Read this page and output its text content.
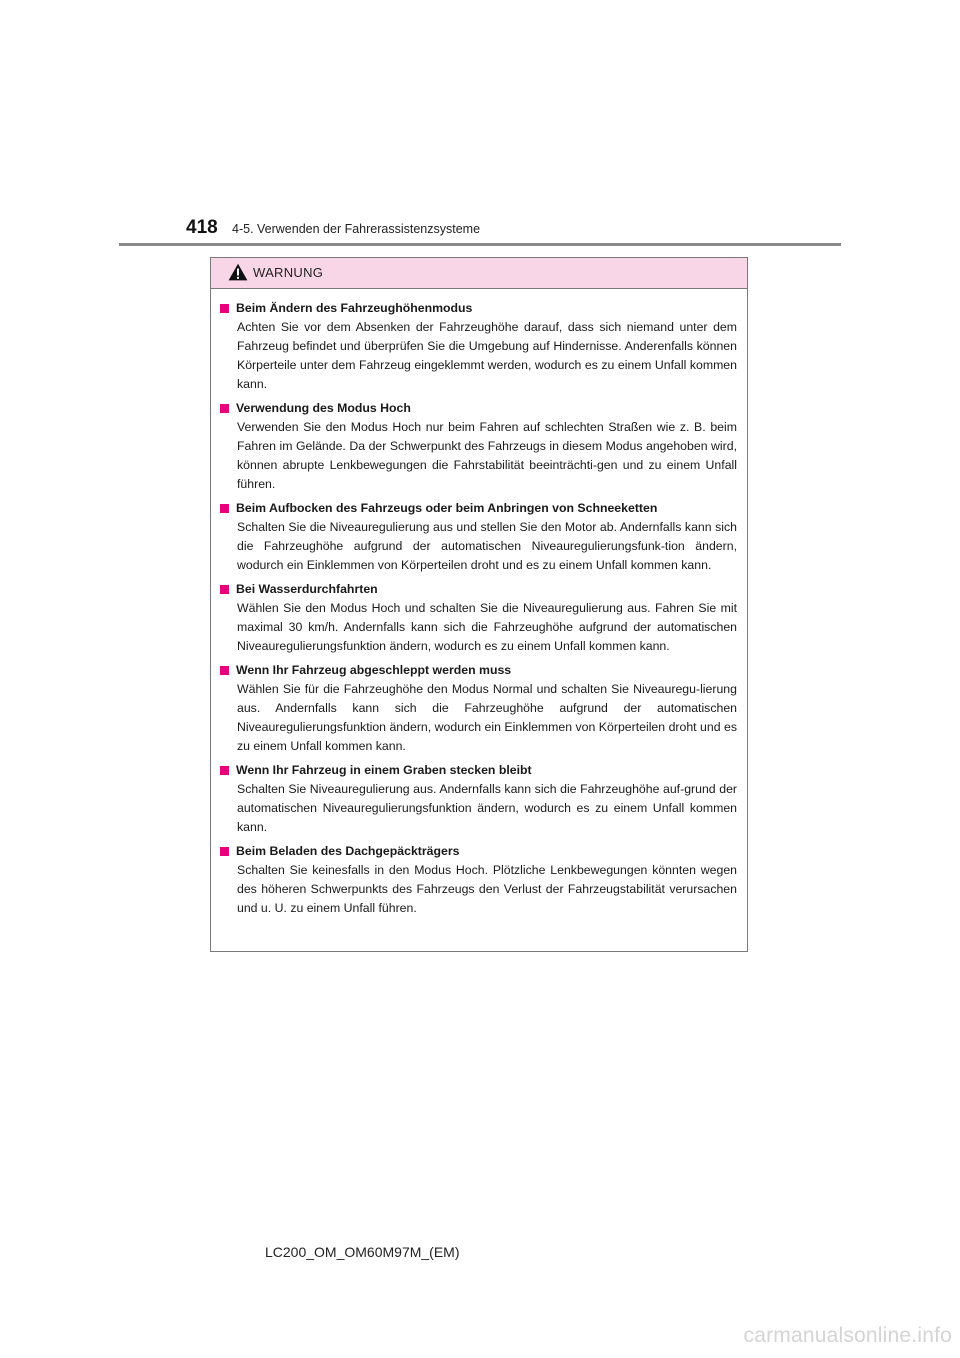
418 4-5. Verwenden der Fahrerassistenzsysteme
WARNUNG
Beim Ändern des Fahrzeughöhenmodus
Achten Sie vor dem Absenken der Fahrzeughöhe darauf, dass sich niemand unter dem Fahrzeug befindet und überprüfen Sie die Umgebung auf Hindernisse. Anderenfalls können Körperteile unter dem Fahrzeug eingeklemmt werden, wodurch es zu einem Unfall kommen kann.
Verwendung des Modus Hoch
Verwenden Sie den Modus Hoch nur beim Fahren auf schlechten Straßen wie z. B. beim Fahren im Gelände. Da der Schwerpunkt des Fahrzeugs in diesem Modus angehoben wird, können abrupte Lenkbewegungen die Fahrstabilität beeinträchti-gen und zu einem Unfall führen.
Beim Aufbocken des Fahrzeugs oder beim Anbringen von Schneeketten
Schalten Sie die Niveauregulierung aus und stellen Sie den Motor ab. Andernfalls kann sich die Fahrzeughöhe aufgrund der automatischen Niveauregulierungsfunk-tion ändern, wodurch ein Einklemmen von Körperteilen droht und es zu einem Unfall kommen kann.
Bei Wasserdurchfahrten
Wählen Sie den Modus Hoch und schalten Sie die Niveauregulierung aus. Fahren Sie mit maximal 30 km/h. Andernfalls kann sich die Fahrzeughöhe aufgrund der automatischen Niveauregulierungsfunktion ändern, wodurch es zu einem Unfall kommen kann.
Wenn Ihr Fahrzeug abgeschleppt werden muss
Wählen Sie für die Fahrzeughöhe den Modus Normal und schalten Sie Niveauregu-lierung aus. Andernfalls kann sich die Fahrzeughöhe aufgrund der automatischen Niveauregulierungsfunktion ändern, wodurch ein Einklemmen von Körperteilen droht und es zu einem Unfall kommen kann.
Wenn Ihr Fahrzeug in einem Graben stecken bleibt
Schalten Sie Niveauregulierung aus. Andernfalls kann sich die Fahrzeughöhe auf-grund der automatischen Niveauregulierungsfunktion ändern, wodurch es zu einem Unfall kommen kann.
Beim Beladen des Dachgepäckträgers
Schalten Sie keinesfalls in den Modus Hoch. Plötzliche Lenkbewegungen könnten wegen des höheren Schwerpunkts des Fahrzeugs den Verlust der Fahrzeugstabilität verursachen und u. U. zu einem Unfall führen.
LC200_OM_OM60M97M_(EM)
carmanualsonline.info
